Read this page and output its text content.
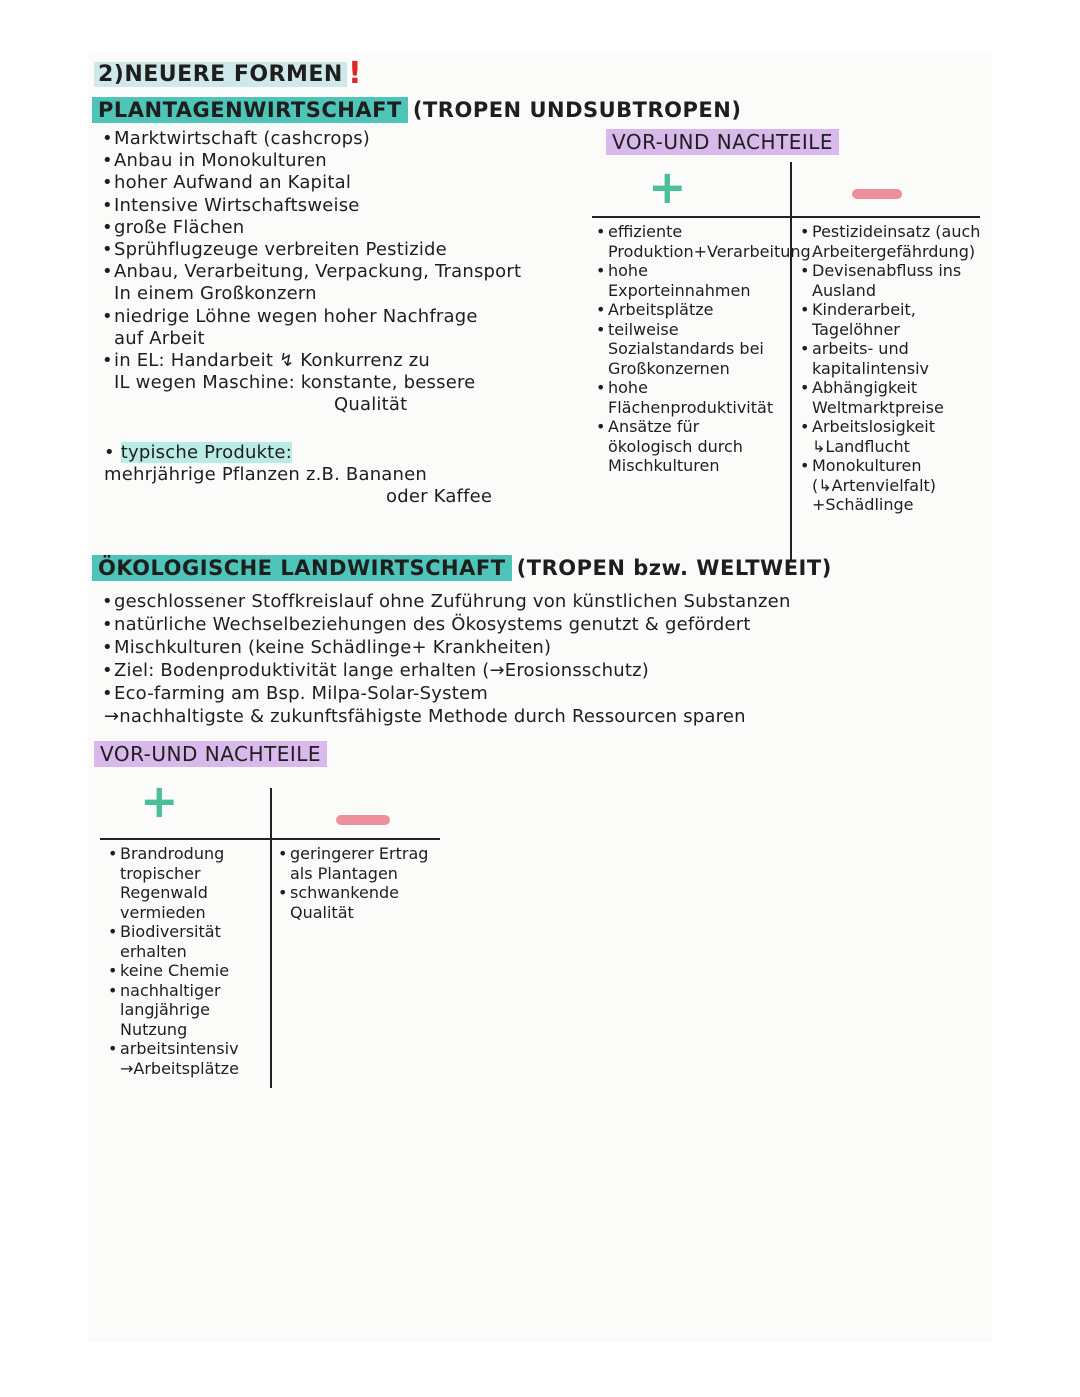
2)NEUERE FORMEN !
PLANTAGENWIRTSCHAFT (TROPEN UNDSUBTROPEN)
• Marktwirtschaft (cashcrops)
• Anbau in Monokulturen
• hoher Aufwand an Kapital
• Intensive Wirtschaftsweise
• große Flächen
• Sprühflugzeuge verbreiten Pestizide
• Anbau, Verarbeitung, Verpackung, Transport
In einem Großkonzern
• niedrige Löhne wegen hoher Nachfrage
auf Arbeit
• in EL: Handarbeit ↯ Konkurrenz zu
IL wegen Maschine: konstante, bessere
Qualität
• typische Produkte:
mehrjährige Pflanzen z.B. Bananen
oder Kaffee
VOR-UND NACHTEILE
+
• effiziente Produktion+Verarbeitung
• hohe Exporteinnahmen
• Arbeitsplätze
• teilweise Sozialstandards bei Großkonzernen
• hohe Flächenproduktivität
• Ansätze für ökologisch durch Mischkulturen
• Pestizideinsatz (auch Arbeitergefährdung)
• Devisenabfluss ins Ausland
• Kinderarbeit, Tagelöhner
• arbeits- und kapitalintensiv
• Abhängigkeit Weltmarktpreise
• Arbeitslosigkeit ↳Landflucht
• Monokulturen (↳Artenvielfalt) +Schädlinge
ÖKOLOGISCHE LANDWIRTSCHAFT (TROPEN bzw. WELTWEIT)
• geschlossener Stoffkreislauf ohne Zuführung von künstlichen Substanzen
• natürliche Wechselbeziehungen des Ökosystems genutzt & gefördert
• Mischkulturen (keine Schädlinge+ Krankheiten)
• Ziel: Bodenproduktivität lange erhalten (→Erosionsschutz)
• Eco-farming am Bsp. Milpa-Solar-System
→nachhaltigste & zukunftsfähigste Methode durch Ressourcen sparen
VOR-UND NACHTEILE
+
• Brandrodung tropischer Regenwald vermieden
• Biodiversität erhalten
• keine Chemie
• nachhaltiger langjährige Nutzung
• arbeitsintensiv →Arbeitsplätze
• geringerer Ertrag als Plantagen
• schwankende Qualität
